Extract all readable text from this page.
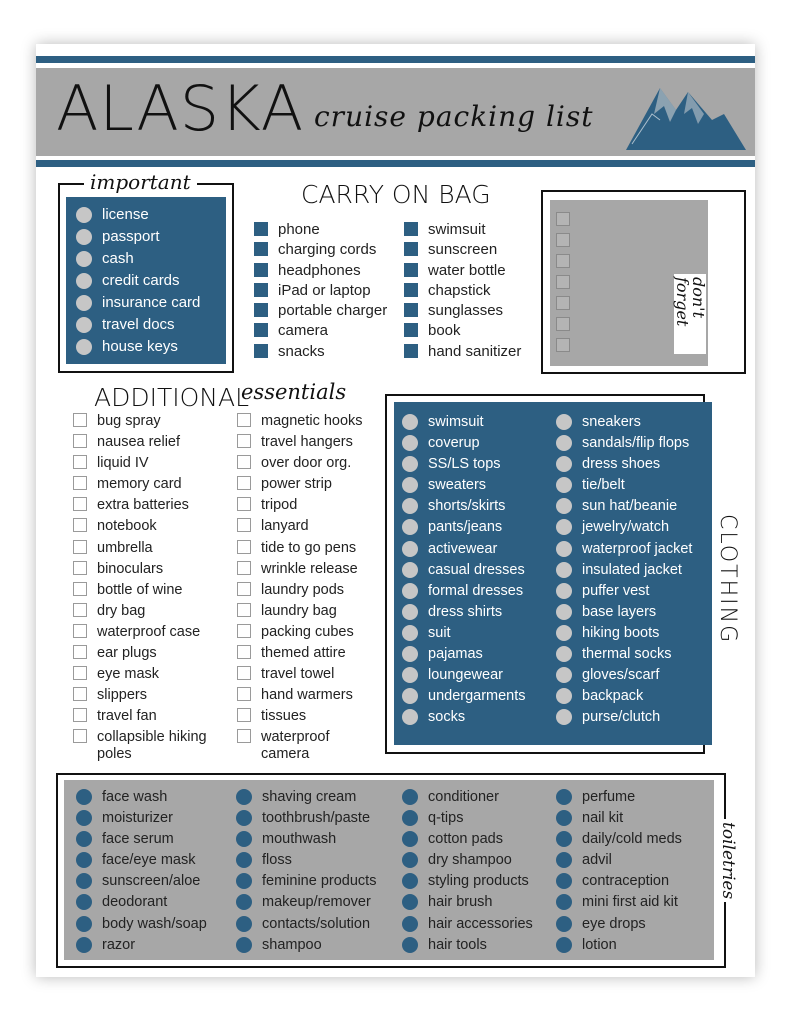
ALASKA cruise packing list
important
license
passport
cash
credit cards
insurance card
travel docs
house keys
CARRY ON BAG
phone
charging cords
headphones
iPad or laptop
portable charger
camera
snacks
swimsuit
sunscreen
water bottle
chapstick
sunglasses
book
hand sanitizer
don't forget
ADDITIONAL
essentials
bug spray
nausea relief
liquid IV
memory card
extra batteries
notebook
umbrella
binoculars
bottle of wine
dry bag
waterproof case
ear plugs
eye mask
slippers
travel fan
collapsible hiking poles
magnetic hooks
travel hangers
over door org.
power strip
tripod
lanyard
tide to go pens
wrinkle release
laundry pods
laundry bag
packing cubes
themed attire
travel towel
hand warmers
tissues
waterproof camera
swimsuit
coverup
SS/LS tops
sweaters
shorts/skirts
pants/jeans
activewear
casual dresses
formal dresses
dress shirts
suit
pajamas
loungewear
undergarments
socks
sneakers
sandals/flip flops
dress shoes
tie/belt
sun hat/beanie
jewelry/watch
waterproof jacket
insulated jacket
puffer vest
base layers
hiking boots
thermal socks
gloves/scarf
backpack
purse/clutch
CLOTHING
face wash
moisturizer
face serum
face/eye mask
sunscreen/aloe
deodorant
body wash/soap
razor
shaving cream
toothbrush/paste
mouthwash
floss
feminine products
makeup/remover
contacts/solution
shampoo
conditioner
q-tips
cotton pads
dry shampoo
styling products
hair brush
hair accessories
hair tools
perfume
nail kit
daily/cold meds
advil
contraception
mini first aid kit
eye drops
lotion
toiletries
